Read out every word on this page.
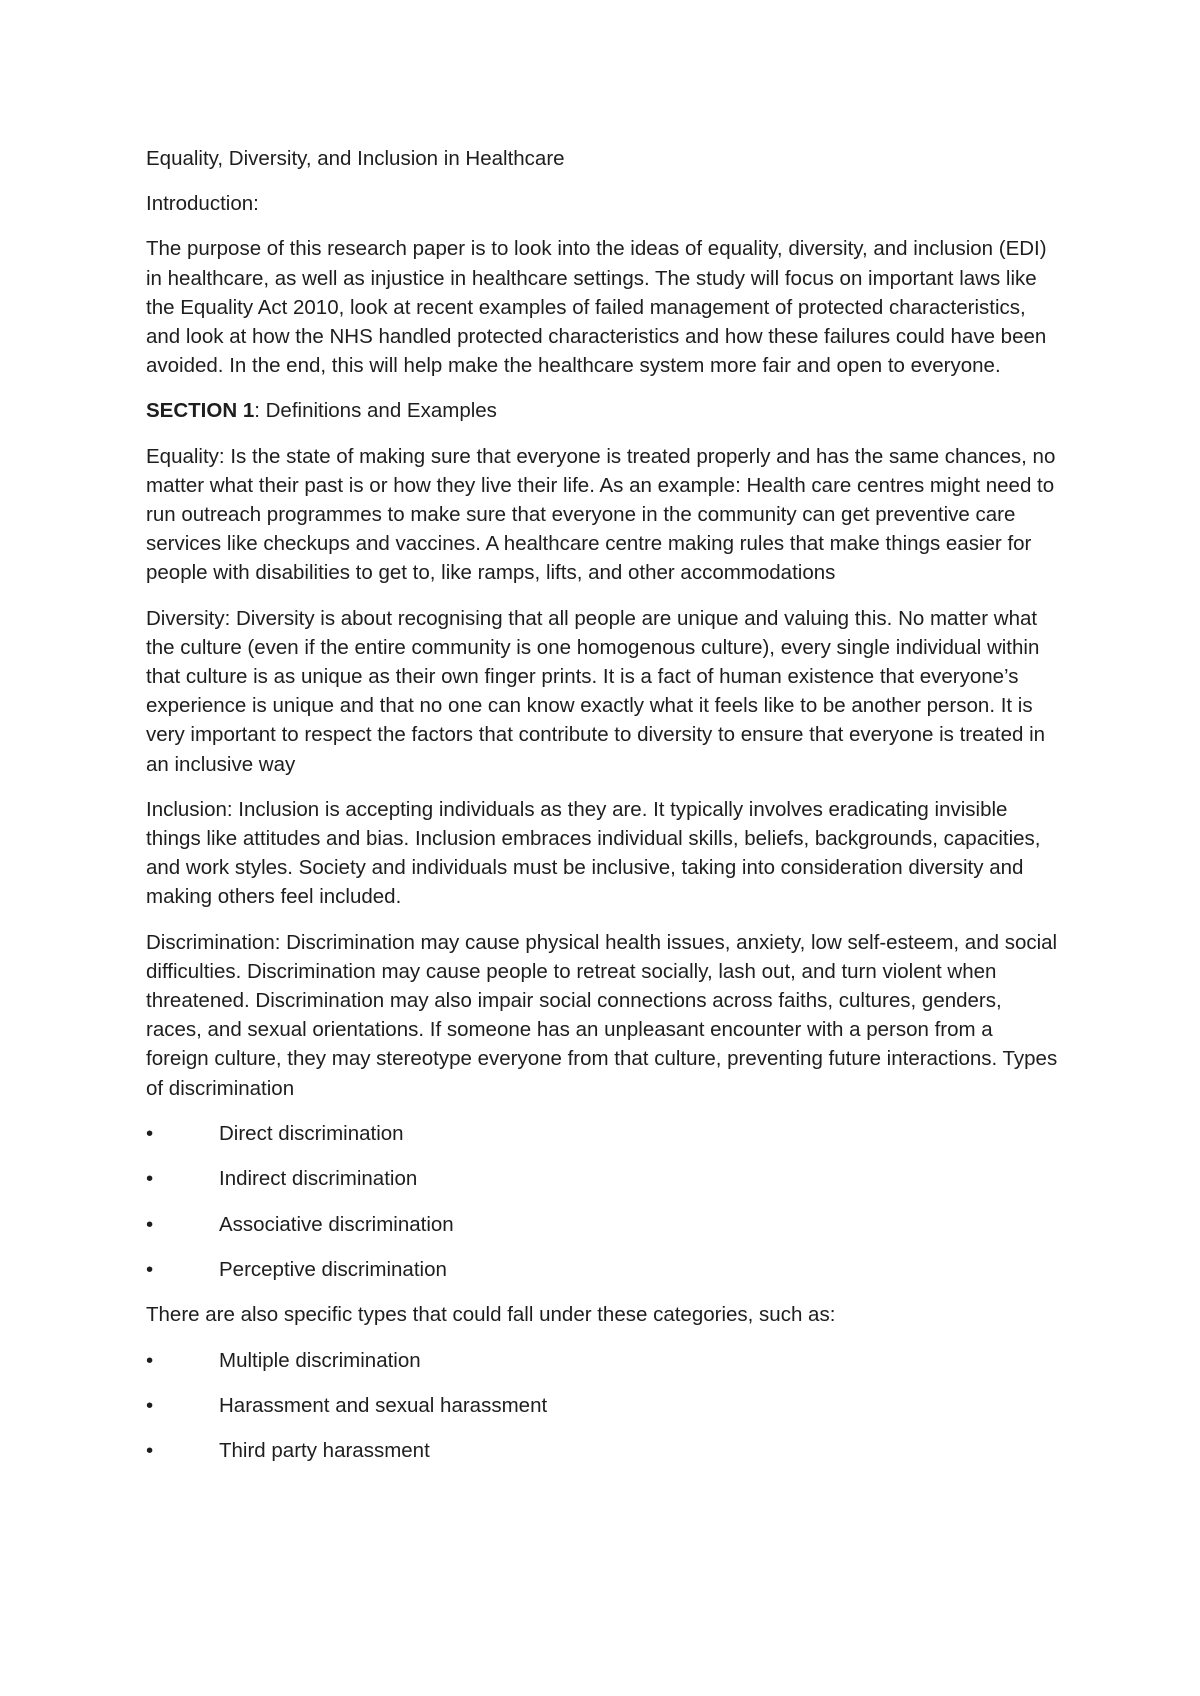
Equality, Diversity, and Inclusion in Healthcare

Introduction:

The purpose of this research paper is to look into the ideas of equality, diversity, and inclusion (EDI) in healthcare, as well as injustice in healthcare settings. The study will focus on important laws like the Equality Act 2010, look at recent examples of failed management of protected characteristics, and look at how the NHS handled protected characteristics and how these failures could have been avoided. In the end, this will help make the healthcare system more fair and open to everyone.

SECTION 1: Definitions and Examples

Equality: Is the state of making sure that everyone is treated properly and has the same chances, no matter what their past is or how they live their life. As an example: Health care centres might need to run outreach programmes to make sure that everyone in the community can get preventive care services like checkups and vaccines. A healthcare centre making rules that make things easier for people with disabilities to get to, like ramps, lifts, and other accommodations

Diversity: Diversity is about recognising that all people are unique and valuing this. No matter what the culture (even if the entire community is one homogenous culture), every single individual within that culture is as unique as their own finger prints. It is a fact of human existence that everyone’s experience is unique and that no one can know exactly what it feels like to be another person. It is very important to respect the factors that contribute to diversity to ensure that everyone is treated in an inclusive way

Inclusion: Inclusion is accepting individuals as they are. It typically involves eradicating invisible things like attitudes and bias. Inclusion embraces individual skills, beliefs, backgrounds, capacities, and work styles. Society and individuals must be inclusive, taking into consideration diversity and making others feel included.

Discrimination: Discrimination may cause physical health issues, anxiety, low self-esteem, and social difficulties. Discrimination may cause people to retreat socially, lash out, and turn violent when threatened. Discrimination may also impair social connections across faiths, cultures, genders, races, and sexual orientations. If someone has an unpleasant encounter with a person from a foreign culture, they may stereotype everyone from that culture, preventing future interactions. Types of discrimination

•	Direct discrimination
•	Indirect discrimination
•	Associative discrimination
•	Perceptive discrimination

There are also specific types that could fall under these categories, such as:

•	Multiple discrimination
•	Harassment and sexual harassment
•	Third party harassment
